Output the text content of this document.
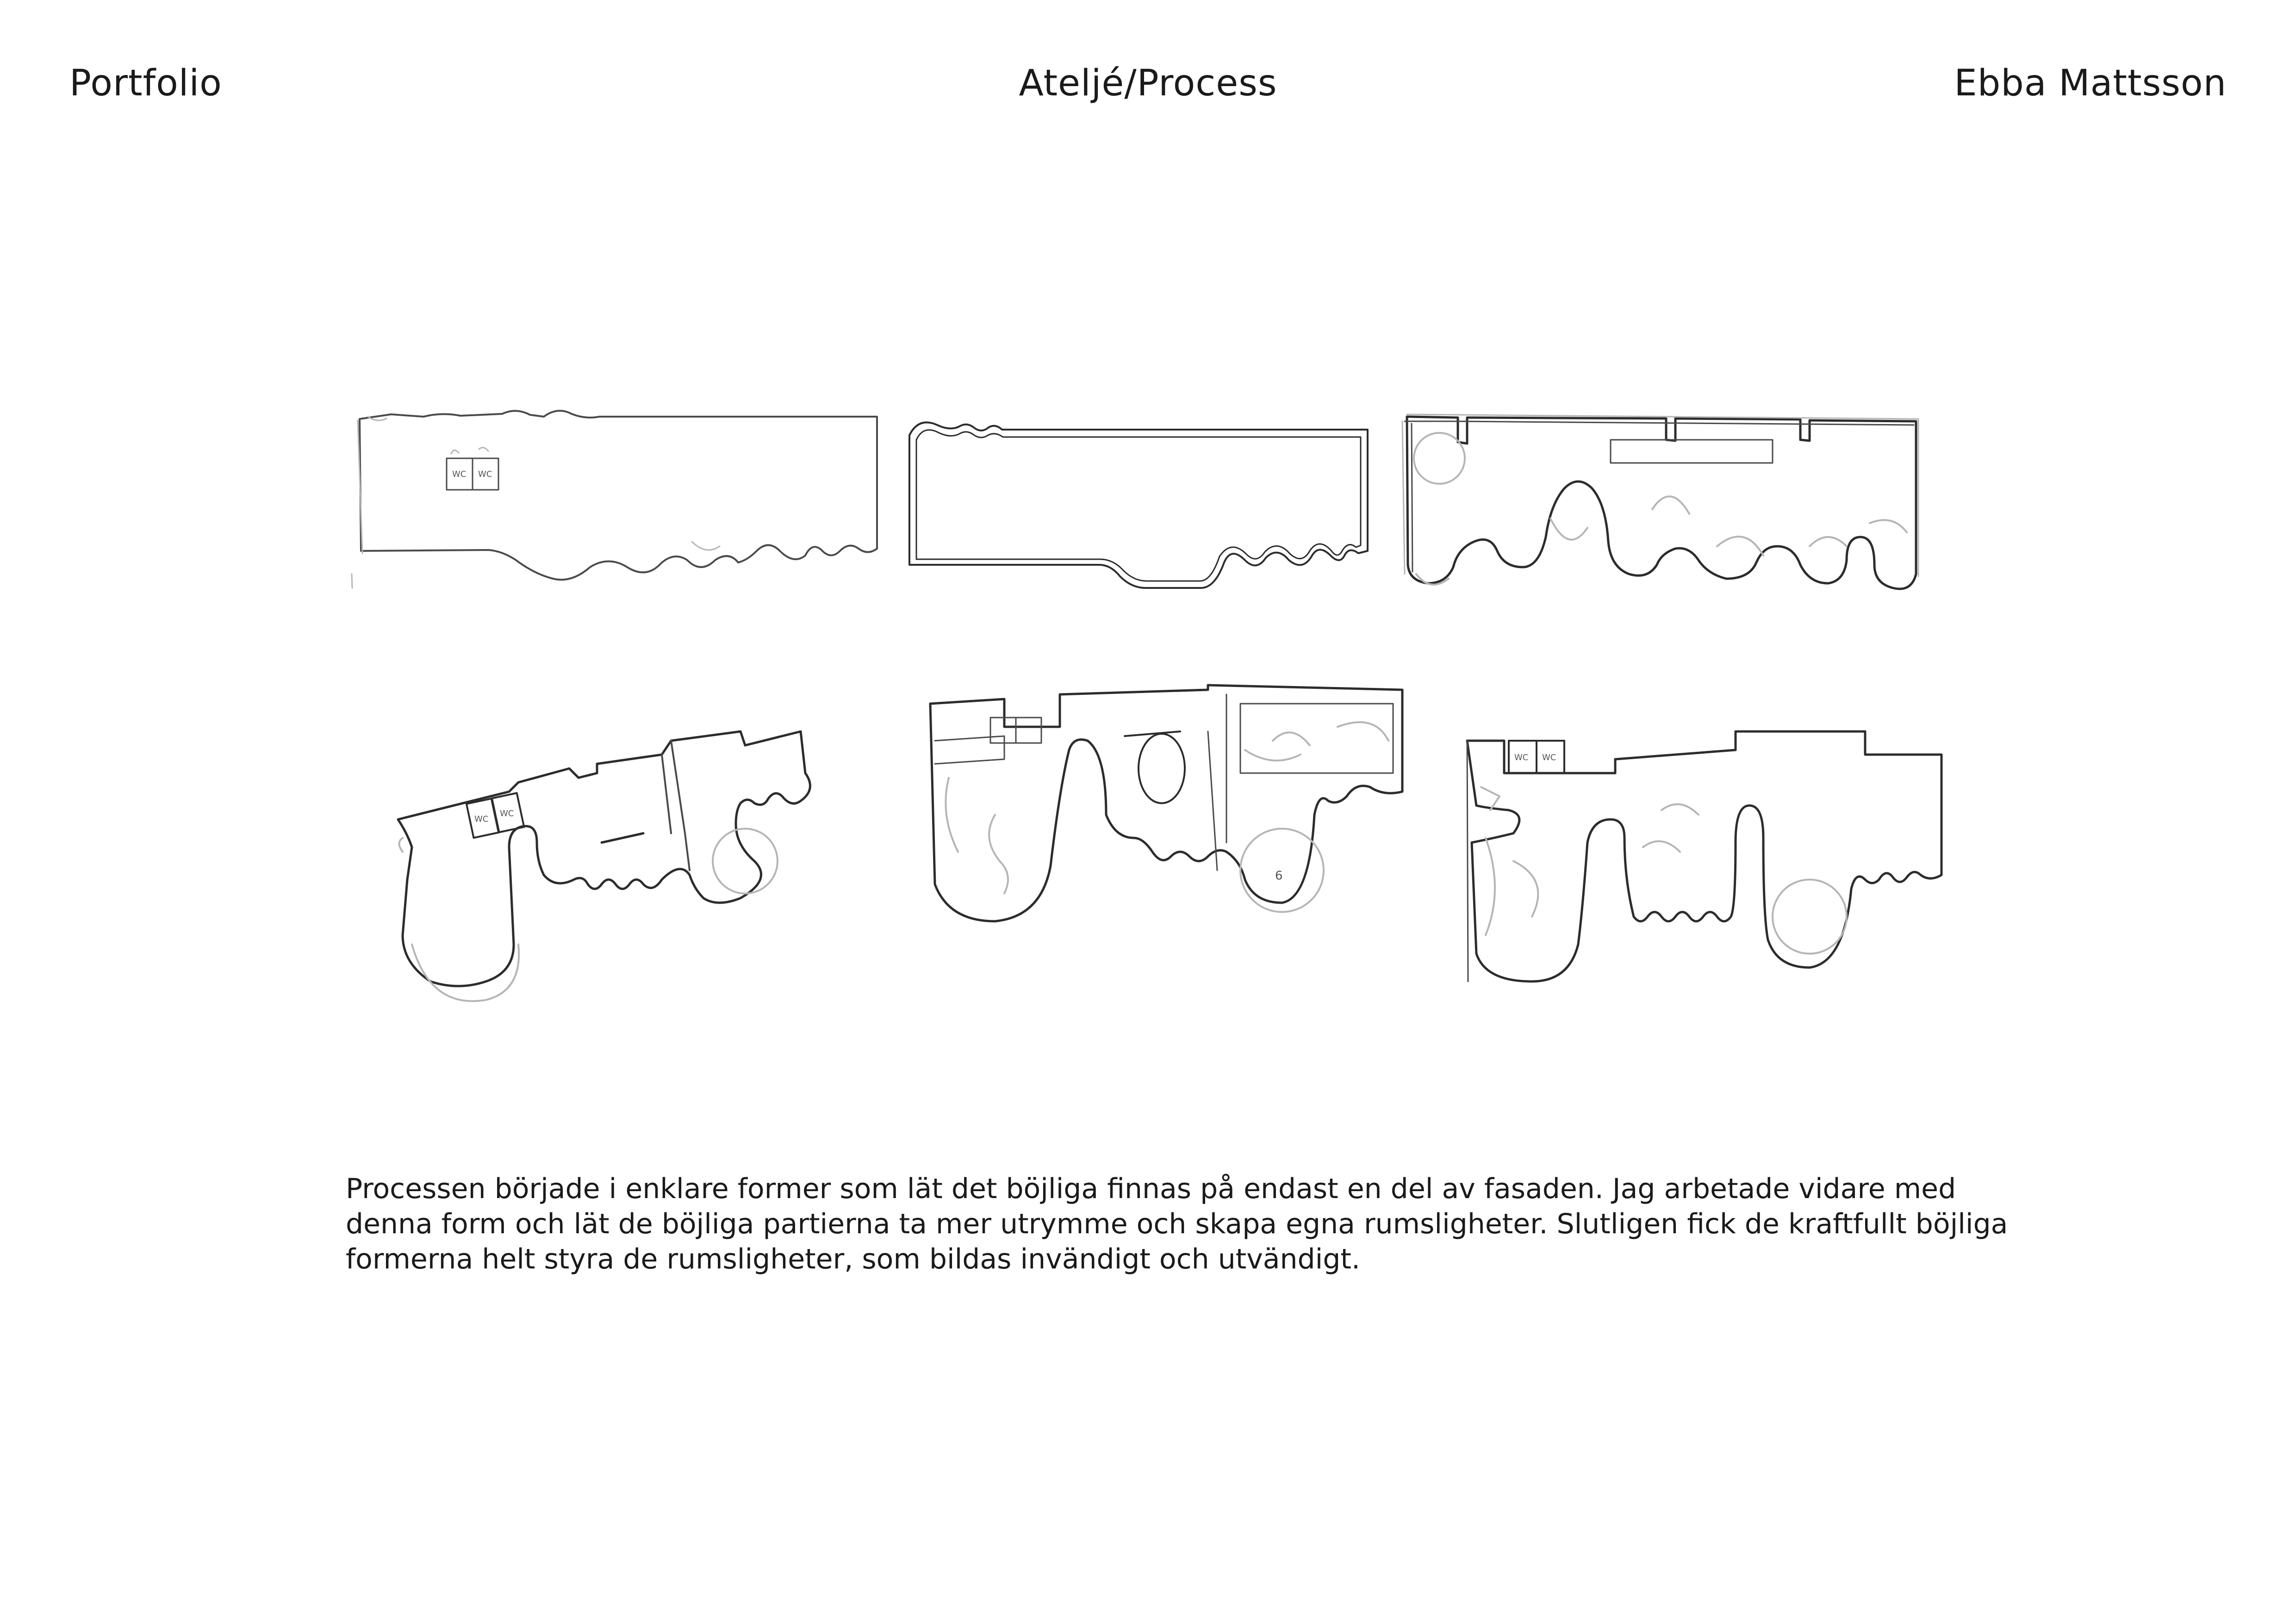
Portfolio	Ateljé/Process	Ebba Mattsson
WC WC
WC
WC
6
WC WC

Processen började i enklare former som lät det böjliga finnas på endast en del av fasaden. Jag arbetade vidare med

denna form och lät de böjliga partierna ta mer utrymme och skapa egna rumsligheter. Slutligen fick de kraftfullt böjliga

formerna helt styra de rumsligheter, som bildas invändigt och utvändigt.
